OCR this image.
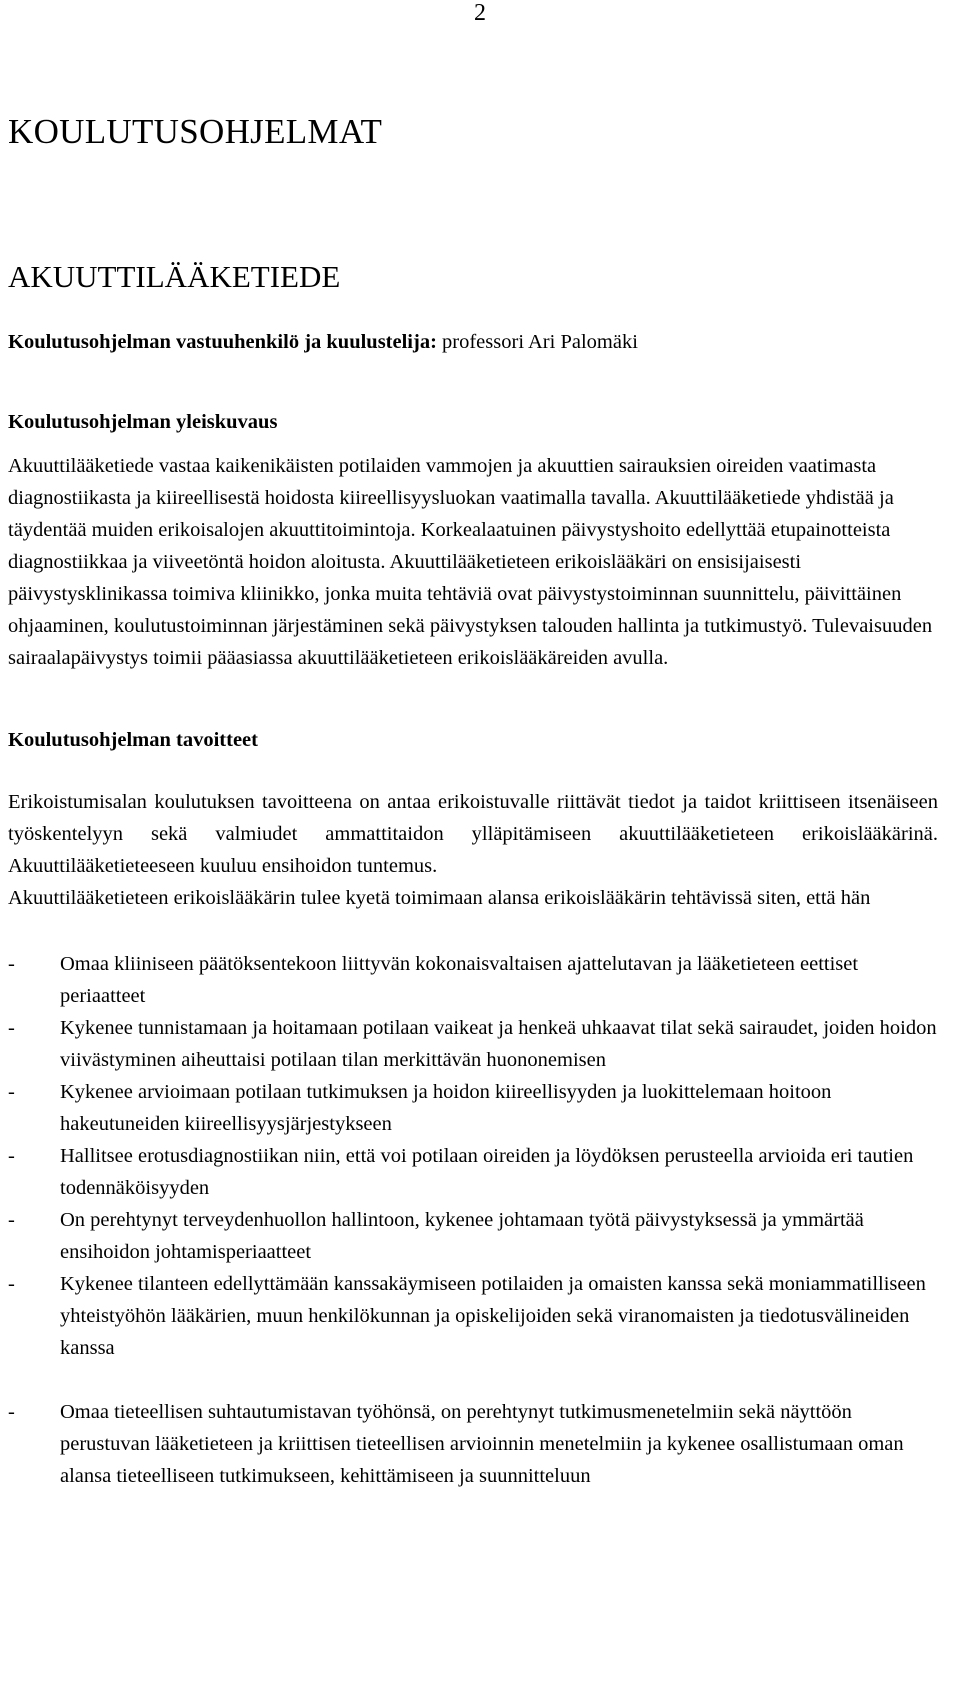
2
KOULUTUSOHJELMAT
AKUUTTILÄÄKETIEDE

Koulutusohjelman vastuuhenkilö ja kuulustelija: professori Ari Palomäki

Koulutusohjelman yleiskuvaus

Akuuttilääketiede vastaa kaikenikäisten potilaiden vammojen ja akuuttien sairauksien oireiden vaatimasta diagnostiikasta ja kiireellisestä hoidosta kiireellisyysluokan vaatimalla tavalla. Akuuttilääketiede yhdistää ja täydentää muiden erikoisalojen akuuttitoimintoja. Korkealaatuinen päivystyshoito edellyttää etupainotteista diagnostiikkaa ja viiveetöntä hoidon aloitusta. Akuuttilääketieteen erikoislääkäri on ensisijaisesti päivystysklinikassa toimiva kliinikko, jonka muita tehtäviä ovat päivystystoiminnan suunnittelu, päivittäinen ohjaaminen, koulutustoiminnan järjestäminen sekä päivystyksen talouden hallinta ja tutkimustyö. Tulevaisuuden sairaalapäivystys toimii pääasiassa akuuttilääketieteen erikoislääkäreiden avulla.

Koulutusohjelman tavoitteet

Erikoistumisalan koulutuksen tavoitteena on antaa erikoistuvalle riittävät tiedot ja taidot kriittiseen itsenäiseen työskentelyyn sekä valmiudet ammattitaidon ylläpitämiseen akuuttilääketieteen erikoislääkärinä. Akuuttilääketieteeseen kuuluu ensihoidon tuntemus.

Akuuttilääketieteen erikoislääkärin tulee kyetä toimimaan alansa erikoislääkärin tehtävissä siten, että hän

- Omaa kliiniseen päätöksentekoon liittyvän kokonaisvaltaisen ajattelutavan ja lääketieteen eettiset periaatteet
- Kykenee tunnistamaan ja hoitamaan potilaan vaikeat ja henkeä uhkaavat tilat sekä sairaudet, joiden hoidon viivästyminen aiheuttaisi potilaan tilan merkittävän huononemisen
- Kykenee arvioimaan potilaan tutkimuksen ja hoidon kiireellisyyden ja luokittelemaan hoitoon hakeutuneiden kiireellisyysjärjestykseen
- Hallitsee erotusdiagnostiikan niin, että voi potilaan oireiden ja löydöksen perusteella arvioida eri tautien todennäköisyyden
- On perehtynyt terveydenhuollon hallintoon, kykenee johtamaan työtä päivystyksessä ja ymmärtää ensihoidon johtamisperiaatteet
- Kykenee tilanteen edellyttämään kanssakäymiseen potilaiden ja omaisten kanssa sekä moniammatilliseen yhteistyöhön lääkärien, muun henkilökunnan ja opiskelijoiden sekä viranomaisten ja tiedotusvälineiden kanssa
- Omaa tieteellisen suhtautumistavan työhönsä, on perehtynyt tutkimusmenetelmiin sekä näyttöön perustuvan lääketieteen ja kriittisen tieteellisen arvioinnin menetelmiin ja kykenee osallistumaan oman alansa tieteelliseen tutkimukseen, kehittämiseen ja suunnitteluun
